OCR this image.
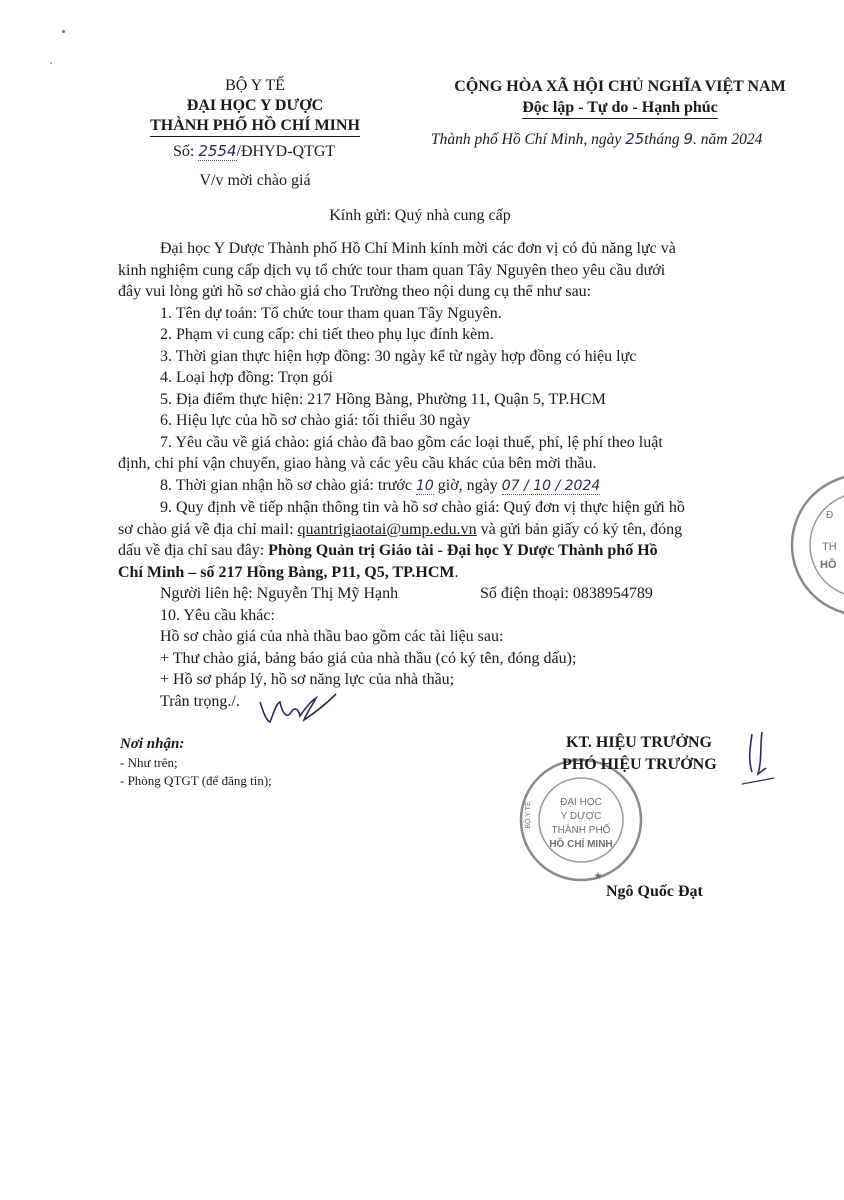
BỘ Y TẾ
ĐẠI HỌC Y DƯỢC
THÀNH PHỐ HỒ CHÍ MINH
Số: 2554/ĐHYD-QTGT
V/v mời chào giá
CỘNG HÒA XÃ HỘI CHỦ NGHĨA VIỆT NAM
Độc lập - Tự do - Hạnh phúc
Thành phố Hồ Chí Minh, ngày 25tháng 9. năm 2024
Kính gửi: Quý nhà cung cấp
Đại học Y Dược Thành phố Hồ Chí Minh kính mời các đơn vị có đủ năng lực và
kinh nghiệm cung cấp dịch vụ tổ chức tour tham quan Tây Nguyên theo yêu cầu dưới
đây vui lòng gửi hồ sơ chào giá cho Trường theo nội dung cụ thể như sau:
1. Tên dự toán: Tổ chức tour tham quan Tây Nguyên.
2. Phạm vi cung cấp: chi tiết theo phụ lục đính kèm.
3. Thời gian thực hiện hợp đồng: 30 ngày kể từ ngày hợp đồng có hiệu lực
4. Loại hợp đồng: Trọn gói
5. Địa điểm thực hiện: 217 Hồng Bàng, Phường 11, Quận 5, TP.HCM
6. Hiệu lực của hồ sơ chào giá: tối thiểu 30 ngày
7. Yêu cầu về giá chào: giá chào đã bao gồm các loại thuế, phí, lệ phí theo luật
định, chi phí vận chuyển, giao hàng và các yêu cầu khác của bên mời thầu.
8. Thời gian nhận hồ sơ chào giá: trước 10 giờ, ngày 07 / 10 / 2024
9. Quy định về tiếp nhận thông tin và hồ sơ chào giá: Quý đơn vị thực hiện gửi hồ
sơ chào giá về địa chỉ mail: quantrigiaotai@ump.edu.vn và gửi bản giấy có ký tên, đóng
dấu về địa chỉ sau đây: Phòng Quản trị Giáo tài - Đại học Y Dược Thành phố Hồ
Chí Minh – số 217 Hồng Bàng, P11, Q5, TP.HCM.
Người liên hệ: Nguyễn Thị Mỹ Hạnh	Số điện thoại: 0838954789
10. Yêu cầu khác:
Hồ sơ chào giá của nhà thầu bao gồm các tài liệu sau:
+ Thư chào giá, bảng báo giá của nhà thầu (có ký tên, đóng dấu);
+ Hồ sơ pháp lý, hồ sơ năng lực của nhà thầu;
Trân trọng./.
Nơi nhận:
- Như trên;
- Phòng QTGT (để đăng tin);
ĐẠI HỌC
Y DƯỢC
THÀNH PHỐ
HỒ CHÍ MINH
BỘ Y TẾ
★
KT. HIỆU TRƯỞNG
PHÓ HIỆU TRƯỞNG
Ngô Quốc Đạt
Đ
TH
HỒ
